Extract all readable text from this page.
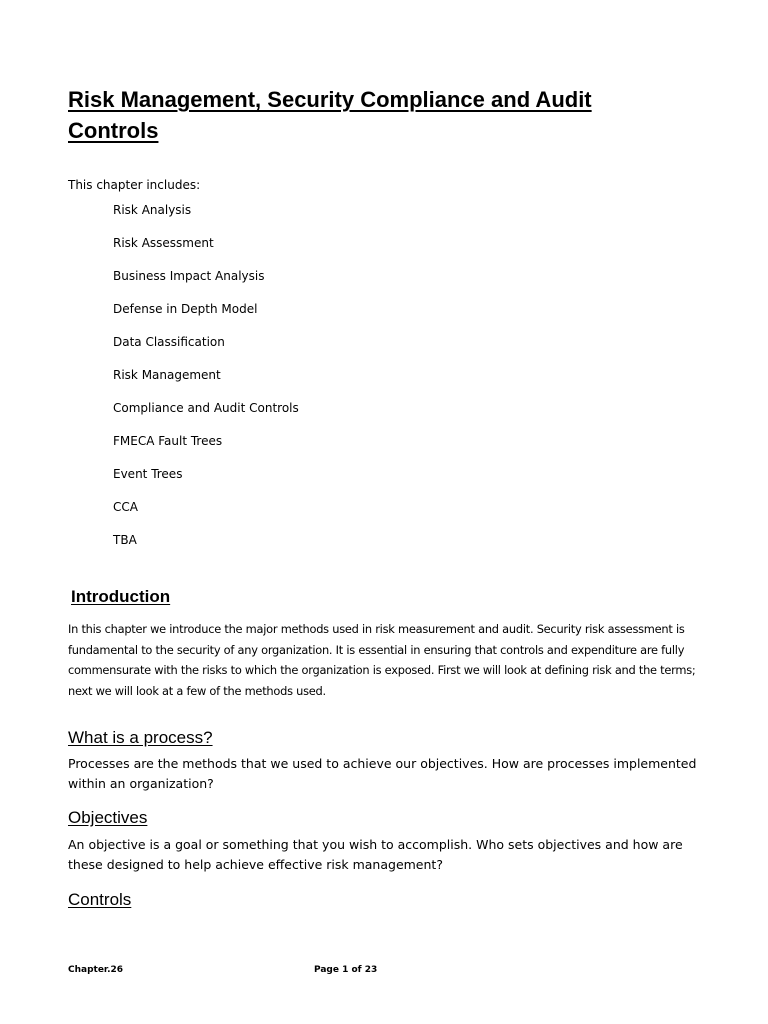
Risk Management, Security Compliance and Audit Controls
This chapter includes:
Risk Analysis
Risk Assessment
Business Impact Analysis
Defense in Depth Model
Data Classification
Risk Management
Compliance and Audit Controls
FMECA Fault Trees
Event Trees
CCA
TBA
Introduction

In this chapter we introduce the major methods used in risk measurement and audit. Security risk assessment is fundamental to the security of any organization. It is essential in ensuring that controls and expenditure are fully commensurate with the risks to which the organization is exposed. First we will look at defining risk and the terms; next we will look at a few of the methods used.

What is a process?

Processes are the methods that we used to achieve our objectives. How are processes implemented within an organization?

Objectives

An objective is a goal or something that you wish to accomplish. Who sets objectives and how are these designed to help achieve effective risk management?

Controls
Chapter.26	Page 1 of 23
